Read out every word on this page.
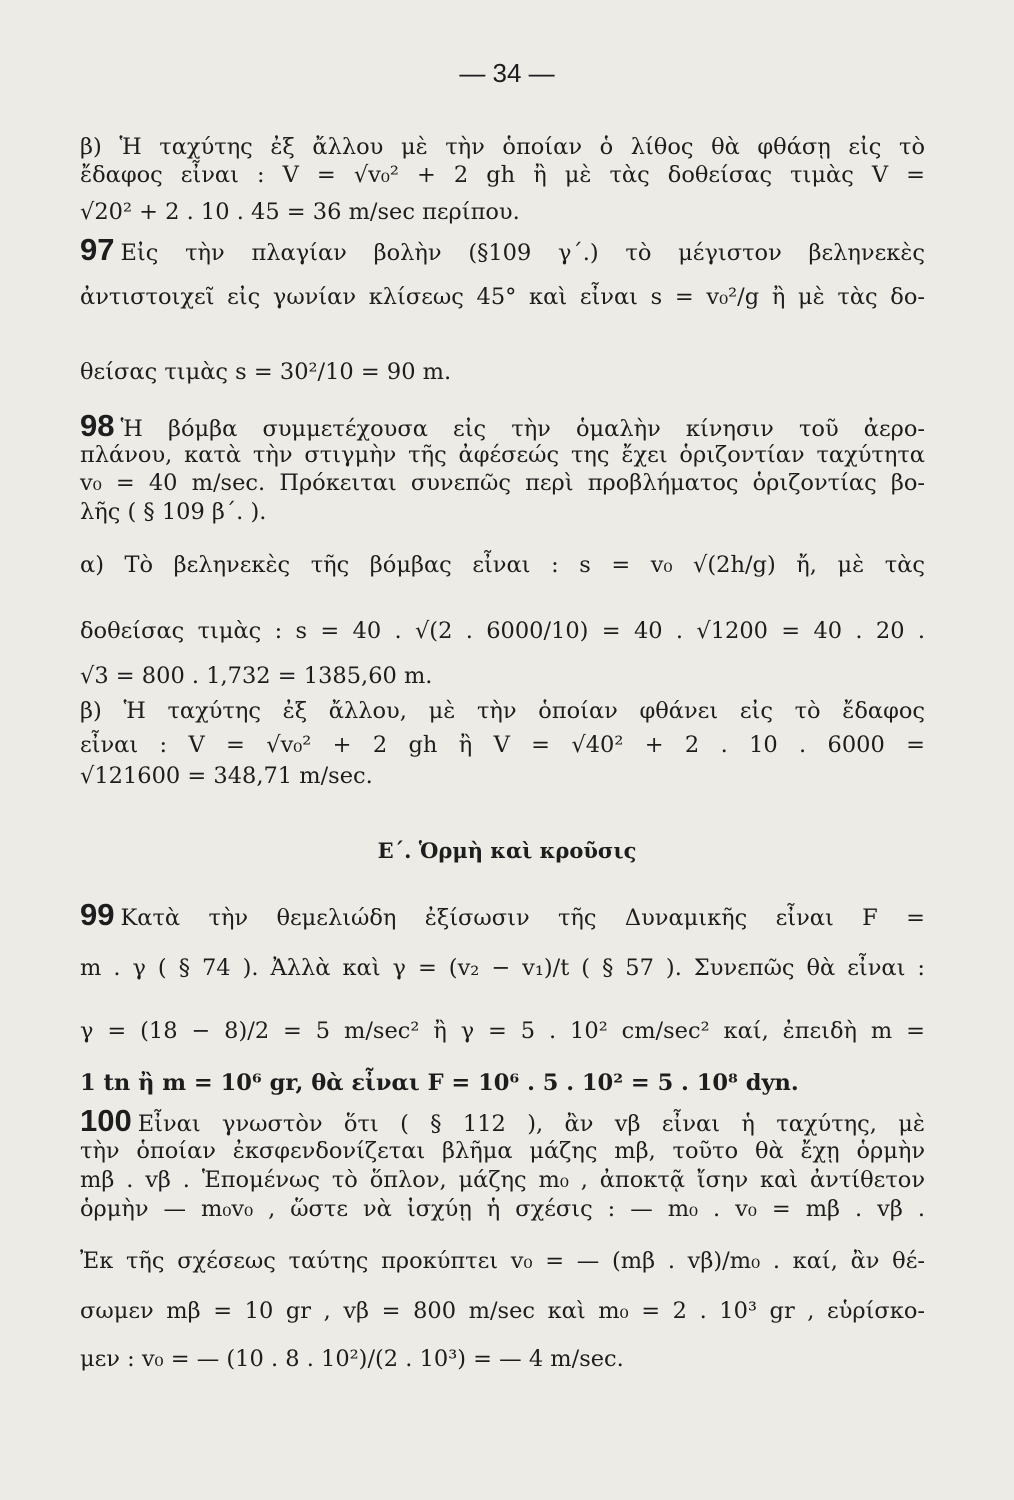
— 34 —
β) Ἡ ταχύτης ἐξ ἄλλου μὲ τὴν ὁποίαν ὁ λίθος θὰ φθάσῃ εἰς τὸ
ἔδαφος εἶναι : V = √v₀² + 2 gh ἢ μὲ τὰς δοθείσας τιμὰς V =
√20² + 2 . 10 . 45 = 36 m/sec περίπου.
97 Εἰς τὴν πλαγίαν βολὴν (§109 γ΄.) τὸ μέγιστον βεληνεκὲς
ἀντιστοιχεῖ εἰς γωνίαν κλίσεως 45° καὶ εἶναι s = v₀²/g ἢ μὲ τὰς δο-
θείσας τιμὰς s = 30²/10 = 90 m.
98 Ἡ βόμβα συμμετέχουσα εἰς τὴν ὁμαλὴν κίνησιν τοῦ ἀερο-
πλάνου, κατὰ τὴν στιγμὴν τῆς ἀφέσεώς της ἔχει ὁριζοντίαν ταχύτητα
v₀ = 40 m/sec. Πρόκειται συνεπῶς περὶ προβλήματος ὁριζοντίας βο-
λῆς ( § 109 β΄. ).
α) Τὸ βεληνεκὲς τῆς βόμβας εἶναι : s = v₀ √(2h/g) ἤ, μὲ τὰς
δοθείσας τιμὰς : s = 40 . √(2 . 6000/10) = 40 . √1200 = 40 . 20 .
√3 = 800 . 1,732 = 1385,60 m.
β) Ἡ ταχύτης ἐξ ἄλλου, μὲ τὴν ὁποίαν φθάνει εἰς τὸ ἔδαφος
εἶναι : V = √v₀² + 2 gh ἢ V = √40² + 2 . 10 . 6000 =
√121600 = 348,71 m/sec.
Ε΄. Ὁρμὴ καὶ κροῦσις
99 Κατὰ τὴν θεμελιώδη ἐξίσωσιν τῆς Δυναμικῆς εἶναι F =
m . γ ( § 74 ). Ἀλλὰ καὶ γ = (v₂ − v₁)/t ( § 57 ). Συνεπῶς θὰ εἶναι :
γ = (18 − 8)/2 = 5 m/sec² ἢ γ = 5 . 10² cm/sec² καί, ἐπειδὴ m =
1 tn ἢ m = 10⁶ gr, θὰ εἶναι F = 10⁶ . 5 . 10² = 5 . 10⁸ dyn.
100 Εἶναι γνωστὸν ὅτι ( § 112 ), ἂν vβ εἶναι ἡ ταχύτης, μὲ
τὴν ὁποίαν ἐκσφενδονίζεται βλῆμα μάζης mβ, τοῦτο θὰ ἔχῃ ὁρμὴν
mβ . vβ . Ἑπομένως τὸ ὅπλον, μάζης m₀ , ἀποκτᾷ ἴσην καὶ ἀντίθετον
ὁρμὴν — m₀v₀ , ὥστε νὰ ἰσχύῃ ἡ σχέσις : — m₀ . v₀ = mβ . vβ .
Ἐκ τῆς σχέσεως ταύτης προκύπτει v₀ = — (mβ . vβ)/m₀ . καί, ἂν θέ-
σωμεν mβ = 10 gr , vβ = 800 m/sec καὶ m₀ = 2 . 10³ gr , εὑρίσκο-
μεν : v₀ = — (10 . 8 . 10²)/(2 . 10³) = — 4 m/sec.
